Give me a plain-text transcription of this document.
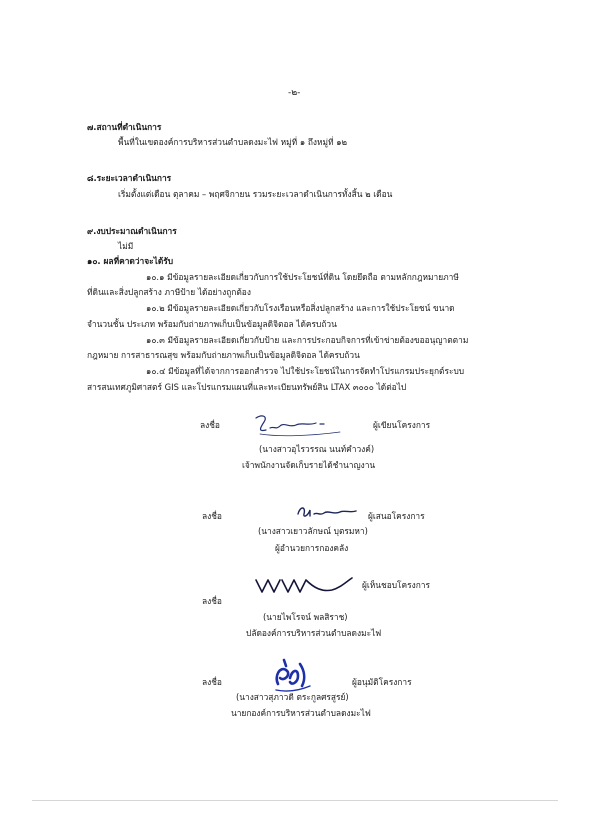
-๒-
๗.สถานที่ดำเนินการ
พื้นที่ในเขตองค์การบริหารส่วนตำบลดงมะไฟ หมู่ที่ ๑ ถึงหมู่ที่ ๑๒
๘.ระยะเวลาดำเนินการ
เริ่มตั้งแต่เดือน ตุลาคม – พฤศจิกายน รวมระยะเวลาดำเนินการทั้งสิ้น ๒ เดือน
๙.งบประมาณดำเนินการ
ไม่มี
๑๐. ผลที่คาดว่าจะได้รับ
๑๐.๑ มีข้อมูลรายละเอียดเกี่ยวกับการใช้ประโยชน์ที่ดิน โดยยึดถือ ตามหลักกฎหมายภาษี
ที่ดินและสิ่งปลูกสร้าง ภาษีป้าย ได้อย่างถูกต้อง
๑๐.๒ มีข้อมูลรายละเอียดเกี่ยวกับโรงเรือนหรือสิ่งปลูกสร้าง และการใช้ประโยชน์ ขนาด
จำนวนชั้น ประเภท พร้อมกับถ่ายภาพเก็บเป็นข้อมูลดิจิตอล ได้ครบถ้วน
๑๐.๓ มีข้อมูลรายละเอียดเกี่ยวกับป้าย และการประกอบกิจการที่เข้าข่ายต้องขออนุญาตตาม
กฎหมาย การสาธารณสุข พร้อมกับถ่ายภาพเก็บเป็นข้อมูลดิจิตอล ได้ครบถ้วน
๑๐.๔ มีข้อมูลที่ได้จากการออกสำรวจ ไปใช้ประโยชน์ในการจัดทำโปรแกรมประยุกต์ระบบ
สารสนเทศภูมิศาสตร์ GIS และโปรแกรมแผนที่และทะเบียนทรัพย์สิน LTAX ๓๐๐๐ ได้ต่อไป
ลงชื่อ	ผู้เขียนโครงการ
(นางสาวอุไรวรรณ นนท์คำวงค์)
เจ้าพนักงานจัดเก็บรายได้ชำนาญงาน
ลงชื่อ	ผู้เสนอโครงการ
(นางสาวเยาวลักษณ์ บุตรมหา)
ผู้อำนวยการกองคลัง
ลงชื่อ
ผู้เห็นชอบโครงการ
(นายไพโรจน์ พลสิราช)
ปลัดองค์การบริหารส่วนตำบลดงมะไฟ
ลงชื่อ	ผู้อนุมัติโครงการ
(นางสาวสุภาวดี ตระกูลศรสูรย์)
นายกองค์การบริหารส่วนตำบลดงมะไฟ
